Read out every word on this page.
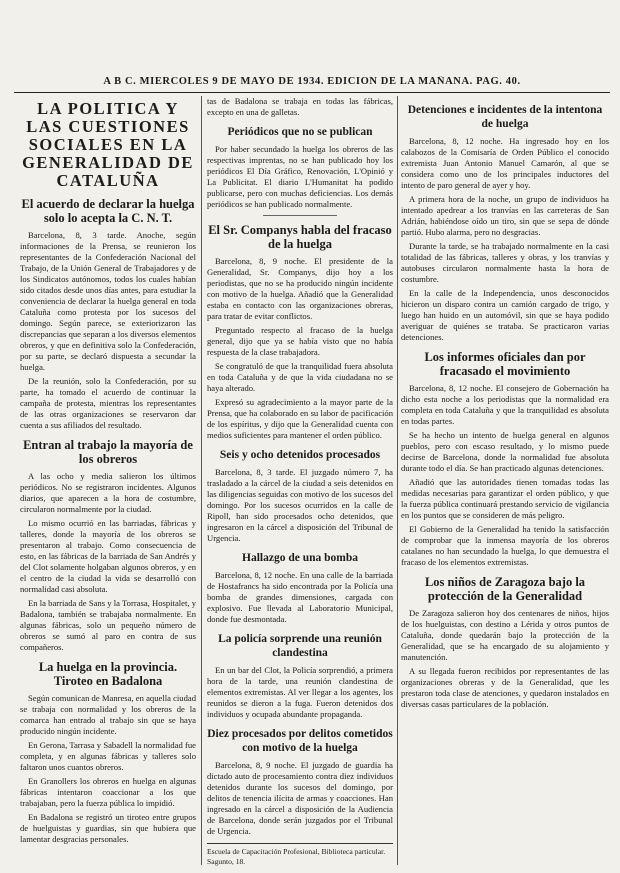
A B C. MIERCOLES 9 DE MAYO DE 1934. EDICION DE LA MAÑANA. PAG. 40.
LA POLITICA Y LAS CUESTIONES SOCIALES EN LA GENERALIDAD DE CATALUÑA
El acuerdo de declarar la huelga solo lo acepta la C. N. T.

Barcelona, 8, 3 tarde. Anoche, según informaciones de la Prensa, se reunieron los representantes de la Confederación Nacional del Trabajo, de la Unión General de Trabajadores y de los Sindicatos autónomos, todos los cuales habían sido citados desde unos días antes, para estudiar la conveniencia de declarar la huelga general en toda Cataluña como protesta por los sucesos del domingo. Según parece, se exteriorizaron las discrepancias que separan a los diversos elementos obreros, y que en definitiva solo la Confederación, por su parte, se declaró dispuesta a secundar la huelga.

De la reunión, solo la Confederación, por su parte, ha tomado el acuerdo de continuar la campaña de protesta, mientras los representantes de las otras organizaciones se reservaron dar cuenta a sus afiliados del resultado.

Entran al trabajo la mayoría de los obreros

A las ocho y media salieron los últimos periódicos. No se registraron incidentes. Algunos diarios, que aparecen a la hora de costumbre, circularon normalmente por la ciudad.

Lo mismo ocurrió en las barriadas, fábricas y talleres, donde la mayoría de los obreros se presentaron al trabajo. Como consecuencia de esto, en las fábricas de la barriada de San Andrés y del Clot solamente holgaban algunos obreros, y en el centro de la ciudad la vida se desarrolló con normalidad casi absoluta.

En la barriada de Sans y la Torrasa, Hospitalet, y Badalona, también se trabajaba normalmente. En algunas fábricas, solo un pequeño número de obreros se sumó al paro en contra de sus compañeros.

La huelga en la provincia. Tiroteo en Badalona

Según comunican de Manresa, en aquella ciudad se trabaja con normalidad y los obreros de la comarca han entrado al trabajo sin que se haya producido ningún incidente.

En Gerona, Tarrasa y Sabadell la normalidad fue completa, y en algunas fábricas y talleres solo faltaron unos cuantos obreros.

En Granollers los obreros en huelga en algunas fábricas intentaron coaccionar a los que trabajaban, pero la fuerza pública lo impidió.

En Badalona se registró un tiroteo entre grupos de huelguistas y guardias, sin que hubiera que lamentar desgracias personales.

tas de Badalona se trabaja en todas las fábricas, excepto en una de galletas.

Periódicos que no se publican

Por haber secundado la huelga los obreros de las respectivas imprentas, no se han publicado hoy los periódicos El Día Gráfico, Renovación, L'Opinió y La Publicitat. El diario L'Humanitat ha podido publicarse, pero con muchas deficiencias. Los demás periódicos se han publicado normalmente.

El Sr. Companys habla del fracaso de la huelga

Barcelona, 8, 9 noche. El presidente de la Generalidad, Sr. Companys, dijo hoy a los periodistas, que no se ha producido ningún incidente con motivo de la huelga. Añadió que la Generalidad estaba en contacto con las organizaciones obreras, para tratar de evitar conflictos.

Preguntado respecto al fracaso de la huelga general, dijo que ya se había visto que no había respuesta de la clase trabajadora.

Se congratuló de que la tranquilidad fuera absoluta en toda Cataluña y de que la vida ciudadana no se haya alterado.

Expresó su agradecimiento a la mayor parte de la Prensa, que ha colaborado en su labor de pacificación de los espíritus, y dijo que la Generalidad cuenta con medios suficientes para mantener el orden público.

Seis y ocho detenidos procesados

Barcelona, 8, 3 tarde. El juzgado número 7, ha trasladado a la cárcel de la ciudad a seis detenidos en las diligencias seguidas con motivo de los sucesos del domingo. Por los sucesos ocurridos en la calle de Ripoll, han sido procesados ocho detenidos, que ingresaron en la cárcel a disposición del Tribunal de Urgencia.

Hallazgo de una bomba

Barcelona, 8, 12 noche. En una calle de la barriada de Hostafrancs ha sido encontrada por la Policía una bomba de grandes dimensiones, cargada con explosivo. Fue llevada al Laboratorio Municipal, donde fue desmontada.

La policía sorprende una reunión clandestina

En un bar del Clot, la Policía sorprendió, a primera hora de la tarde, una reunión clandestina de elementos extremistas. Al ver llegar a los agentes, los reunidos se dieron a la fuga. Fueron detenidos dos individuos y ocupada abundante propaganda.

Diez procesados por delitos cometidos con motivo de la huelga

Barcelona, 8, 9 noche. El juzgado de guardia ha dictado auto de procesamiento contra diez individuos detenidos durante los sucesos del domingo, por delitos de tenencia ilícita de armas y coacciones. Han ingresado en la cárcel a disposición de la Audiencia de Barcelona, donde serán juzgados por el Tribunal de Urgencia.

Escuela de Capacitación Profesional, Biblioteca particular. Sagunto, 18.
Detenciones e incidentes de la intentona de huelga

Barcelona, 8, 12 noche. Ha ingresado hoy en los calabozos de la Comisaría de Orden Público el conocido extremista Juan Antonio Manuel Camarón, al que se considera como uno de los principales inductores del intento de paro general de ayer y hoy.

A primera hora de la noche, un grupo de individuos ha intentado apedrear a los tranvías en las carreteras de San Adrián, habiéndose oído un tiro, sin que se sepa de dónde partió. Hubo alarma, pero no desgracias.

Durante la tarde, se ha trabajado normalmente en la casi totalidad de las fábricas, talleres y obras, y los tranvías y autobuses circularon normalmente hasta la hora de costumbre.

En la calle de la Independencia, unos desconocidos hicieron un disparo contra un camión cargado de trigo, y luego han huido en un automóvil, sin que se haya podido averiguar de quiénes se trataba. Se practicaron varias detenciones.

Los informes oficiales dan por fracasado el movimiento

Barcelona, 8, 12 noche. El consejero de Gobernación ha dicho esta noche a los periodistas que la normalidad era completa en toda Cataluña y que la tranquilidad es absoluta en todas partes.

Se ha hecho un intento de huelga general en algunos pueblos, pero con escaso resultado, y lo mismo puede decirse de Barcelona, donde la normalidad fue absoluta durante todo el día. Se han practicado algunas detenciones.

Añadió que las autoridades tienen tomadas todas las medidas necesarias para garantizar el orden público, y que la fuerza pública continuará prestando servicio de vigilancia en los puntos que se consideren de más peligro.

El Gobierno de la Generalidad ha tenido la satisfacción de comprobar que la inmensa mayoría de los obreros catalanes no han secundado la huelga, lo que demuestra el fracaso de los elementos extremistas.

Los niños de Zaragoza bajo la protección de la Generalidad

De Zaragoza salieron hoy dos centenares de niños, hijos de los huelguistas, con destino a Lérida y otros puntos de Cataluña, donde quedarán bajo la protección de la Generalidad, que se ha encargado de su alojamiento y manutención.

A su llegada fueron recibidos por representantes de las organizaciones obreras y de la Generalidad, que les prestaron toda clase de atenciones, y quedaron instalados en diversas casas particulares de la población.
